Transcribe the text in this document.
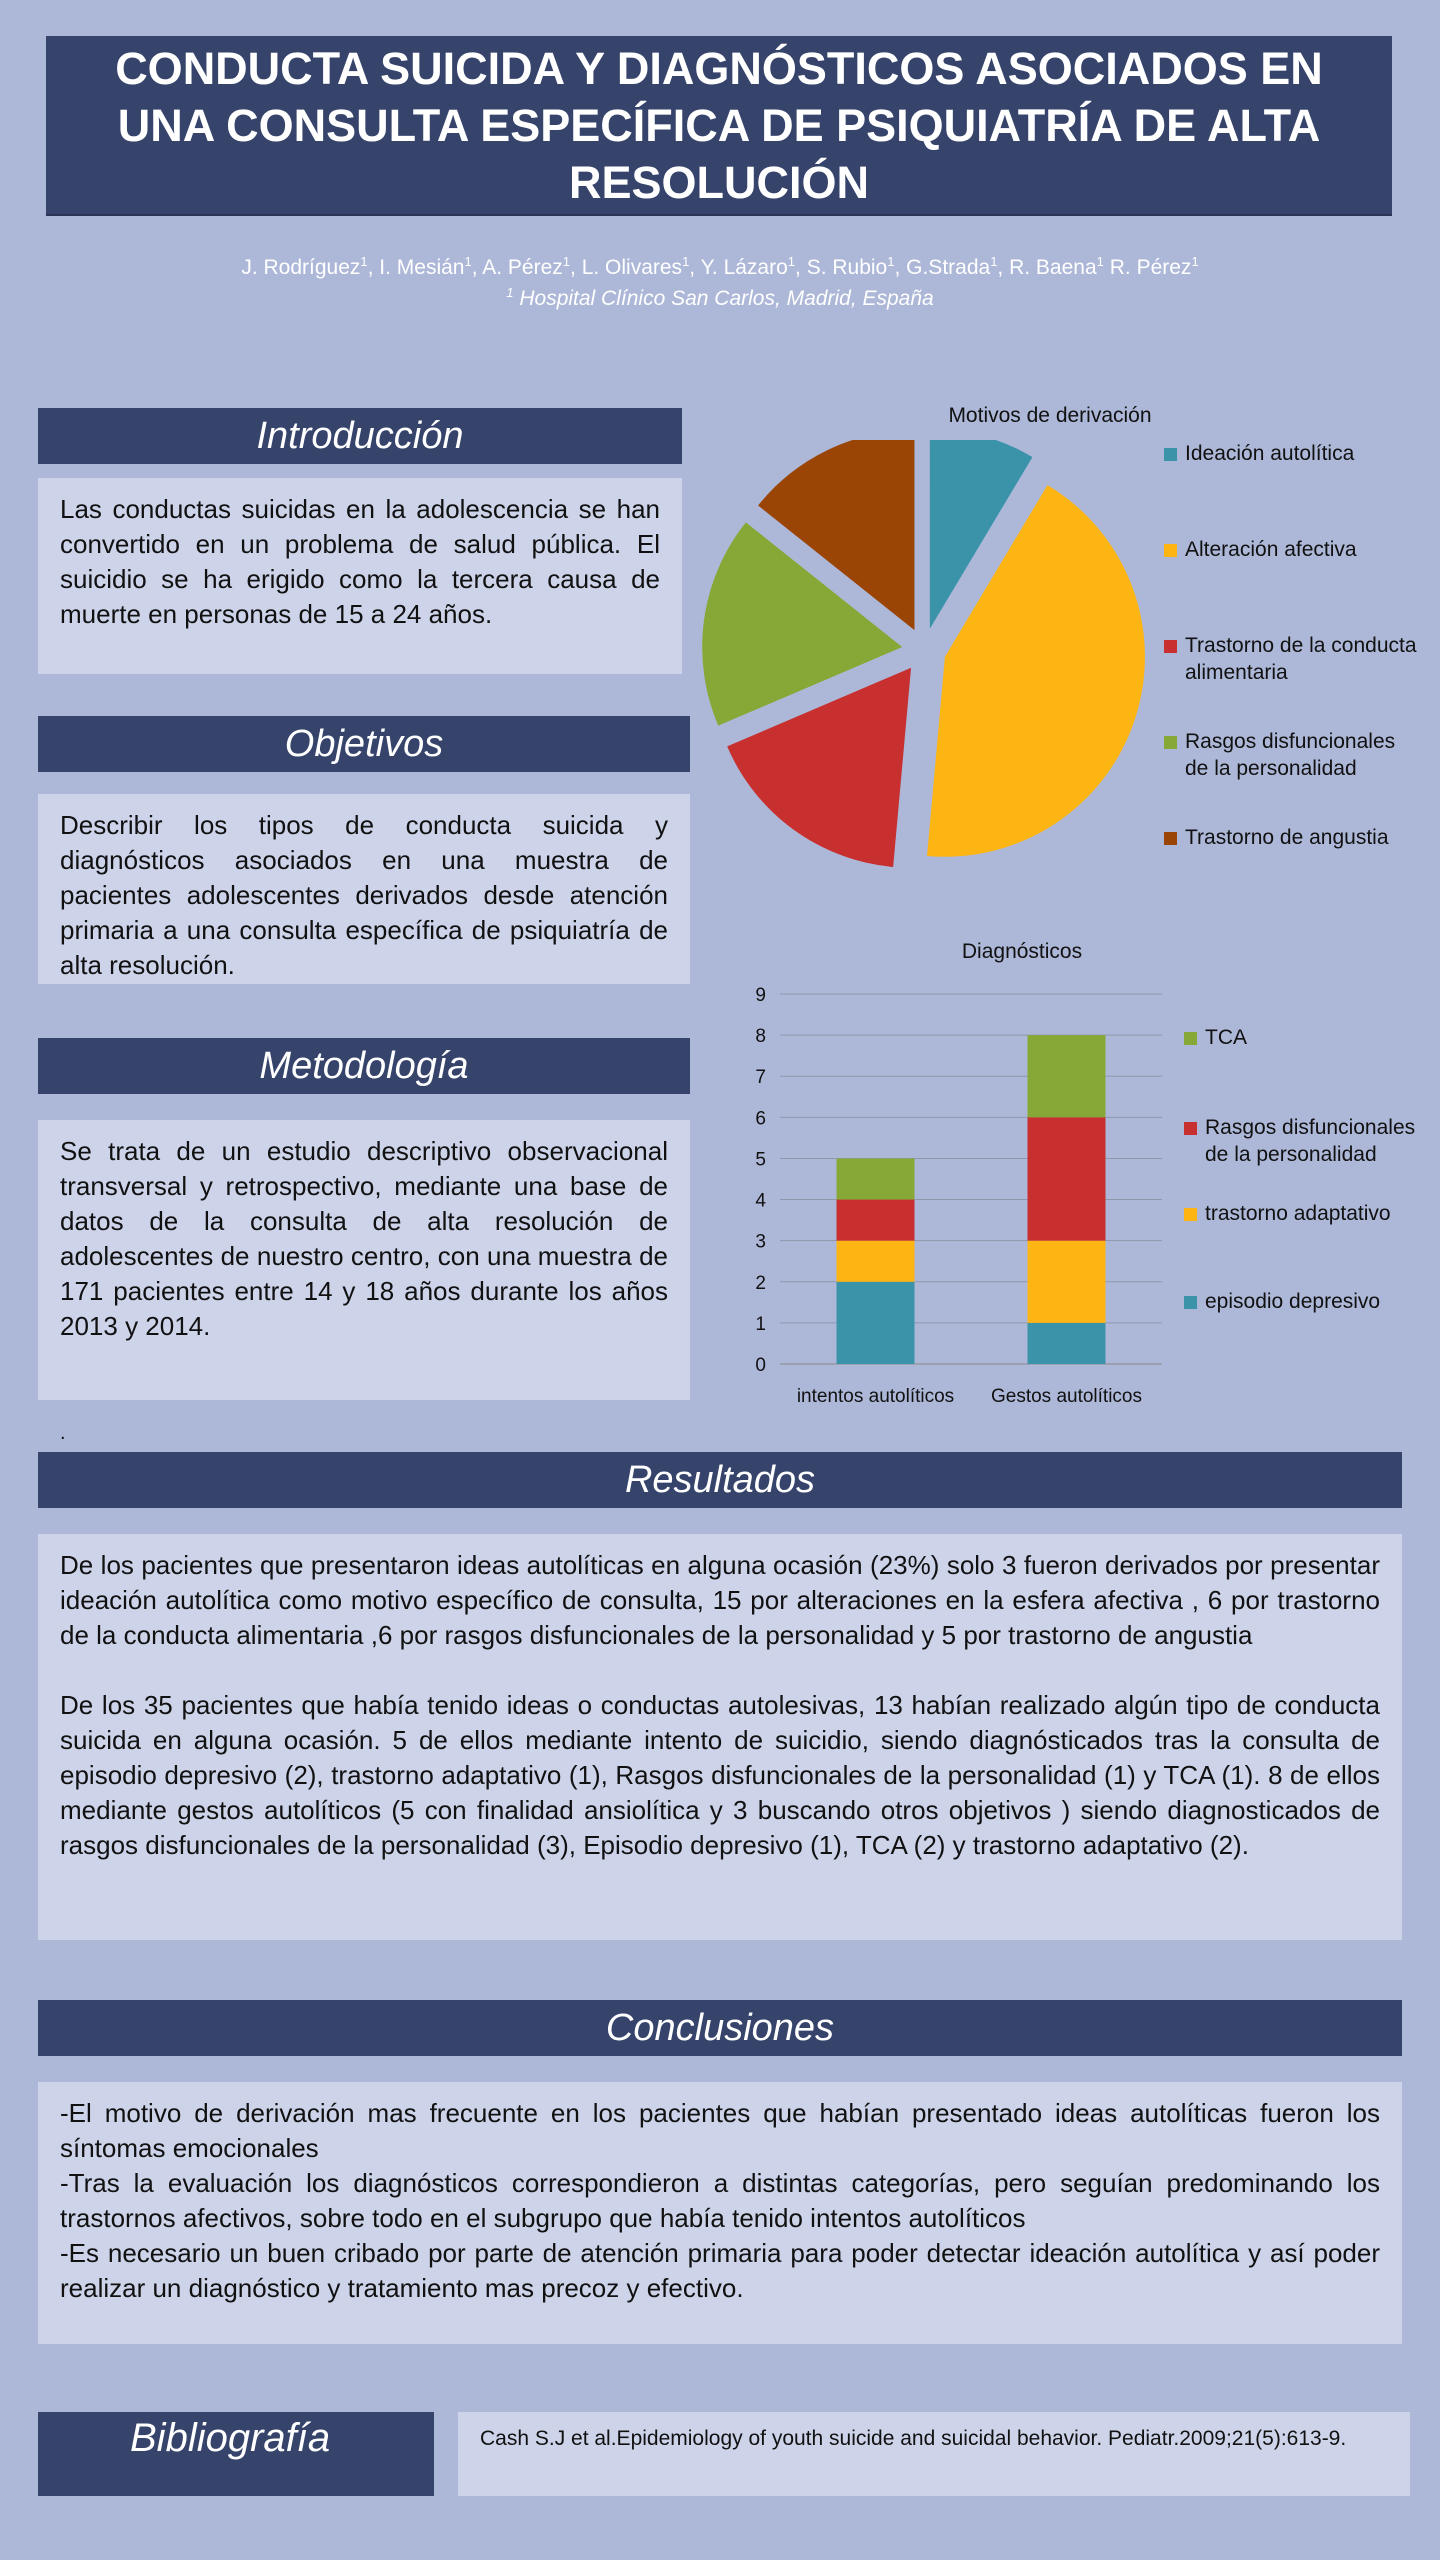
CONDUCTA SUICIDA Y DIAGNÓSTICOS ASOCIADOS EN UNA CONSULTA ESPECÍFICA DE PSIQUIATRÍA DE ALTA RESOLUCIÓN
J. Rodríguez$^1$, I. Mesián$^1$, A. Pérez$^1$, L. Olivares$^1$, Y. Lázaro$^1$, S. Rubio$^1$, G.Strada$^1$, R. Baena$^1$ R. Pérez$^1$
$^1$ Hospital Clínico San Carlos, Madrid, España
Introducción
Las conductas suicidas en la adolescencia se han convertido en un problema de salud pública. El suicidio se ha erigido como la tercera causa de muerte en personas de 15 a 24 años.
Objetivos
Describir los tipos de conducta suicida y diagnósticos asociados en una muestra de pacientes adolescentes derivados desde atención primaria a una consulta específica de psiquiatría de alta resolución.
Metodología
Se trata de un estudio descriptivo observacional transversal y retrospectivo, mediante una base de datos de la consulta de alta resolución de adolescentes de nuestro centro, con una muestra de 171 pacientes entre 14 y 18 años durante los años 2013 y 2014.
.
Motivos de derivación
Ideación autolítica
Alteración afectiva
Trastorno de la conducta alimentaria
Rasgos disfuncionales de la personalidad
Trastorno de angustia
Diagnósticos
0
1
2
3
4
5
6
7
8
9
intentos autolíticos Gestos autolíticos
TCA
Rasgos disfuncionales de la personalidad
trastorno adaptativo
episodio depresivo
Resultados

De los pacientes que presentaron ideas autolíticas en alguna ocasión (23%) solo 3 fueron derivados por presentar ideación autolítica como motivo específico de consulta, 15 por alteraciones en la esfera afectiva , 6 por trastorno de la conducta alimentaria ,6 por rasgos disfuncionales de la personalidad y 5 por trastorno de angustia

De los 35 pacientes que había tenido ideas o conductas autolesivas, 13 habían realizado algún tipo de conducta suicida en alguna ocasión. 5 de ellos mediante intento de suicidio, siendo diagnósticados tras la consulta de episodio depresivo (2), trastorno adaptativo (1), Rasgos disfuncionales de la personalidad (1) y TCA (1). 8 de ellos mediante gestos autolíticos (5 con finalidad ansiolítica y 3 buscando otros objetivos ) siendo diagnosticados de rasgos disfuncionales de la personalidad (3), Episodio depresivo (1), TCA (2) y trastorno adaptativo (2).

Conclusiones

-El motivo de derivación mas frecuente en los pacientes que habían presentado ideas autolíticas fueron los síntomas emocionales

-Tras la evaluación los diagnósticos correspondieron a distintas categorías, pero seguían predominando los trastornos afectivos, sobre todo en el subgrupo que había tenido intentos autolíticos

-Es necesario un buen cribado por parte de atención primaria para poder detectar ideación autolítica y así poder realizar un diagnóstico y tratamiento mas precoz y efectivo.

Bibliografía	Cash S.J et al.Epidemiology of youth suicide and suicidal behavior. Pediatr.2009;21(5):613-9.
